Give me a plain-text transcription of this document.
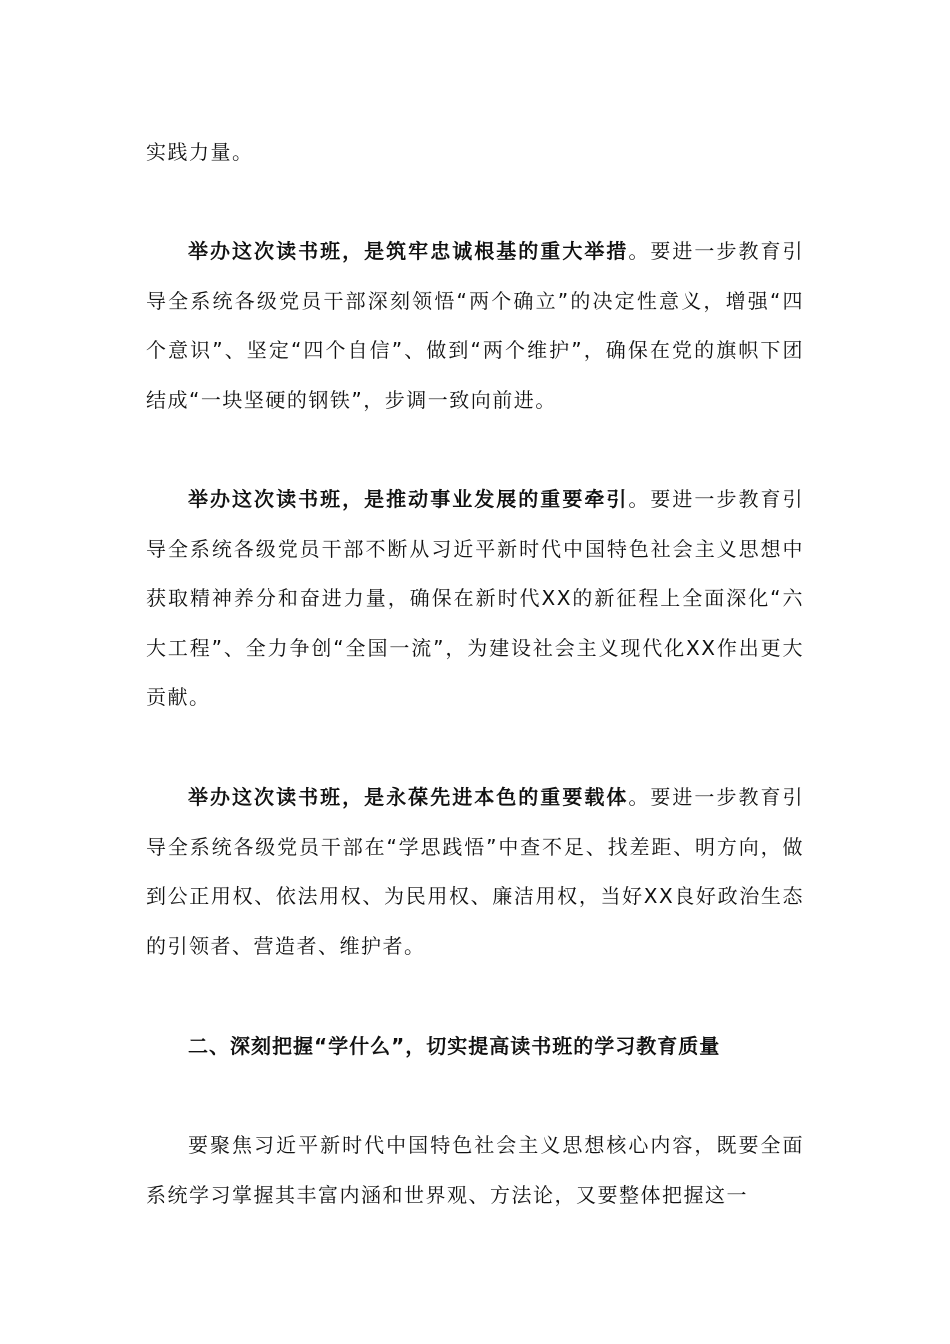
实践力量。

举办这次读书班，是筑牢忠诚根基的重大举措。要进一步教育引导全系统各级党员干部深刻领悟“两个确立”的决定性意义，增强“四个意识”、坚定“四个自信”、做到“两个维护”，确保在党的旗帜下团结成“一块坚硬的钢铁”，步调一致向前进。

举办这次读书班，是推动事业发展的重要牵引。要进一步教育引导全系统各级党员干部不断从习近平新时代中国特色社会主义思想中获取精神养分和奋进力量，确保在新时代XX的新征程上全面深化“六大工程”、全力争创“全国一流”，为建设社会主义现代化XX作出更大贡献。

举办这次读书班，是永葆先进本色的重要载体。要进一步教育引导全系统各级党员干部在“学思践悟”中查不足、找差距、明方向，做到公正用权、依法用权、为民用权、廉洁用权，当好XX良好政治生态的引领者、营造者、维护者。

二、深刻把握“学什么”，切实提高读书班的学习教育质量

要聚焦习近平新时代中国特色社会主义思想核心内容，既要全面系统学习掌握其丰富内涵和世界观、方法论，又要整体把握这一
